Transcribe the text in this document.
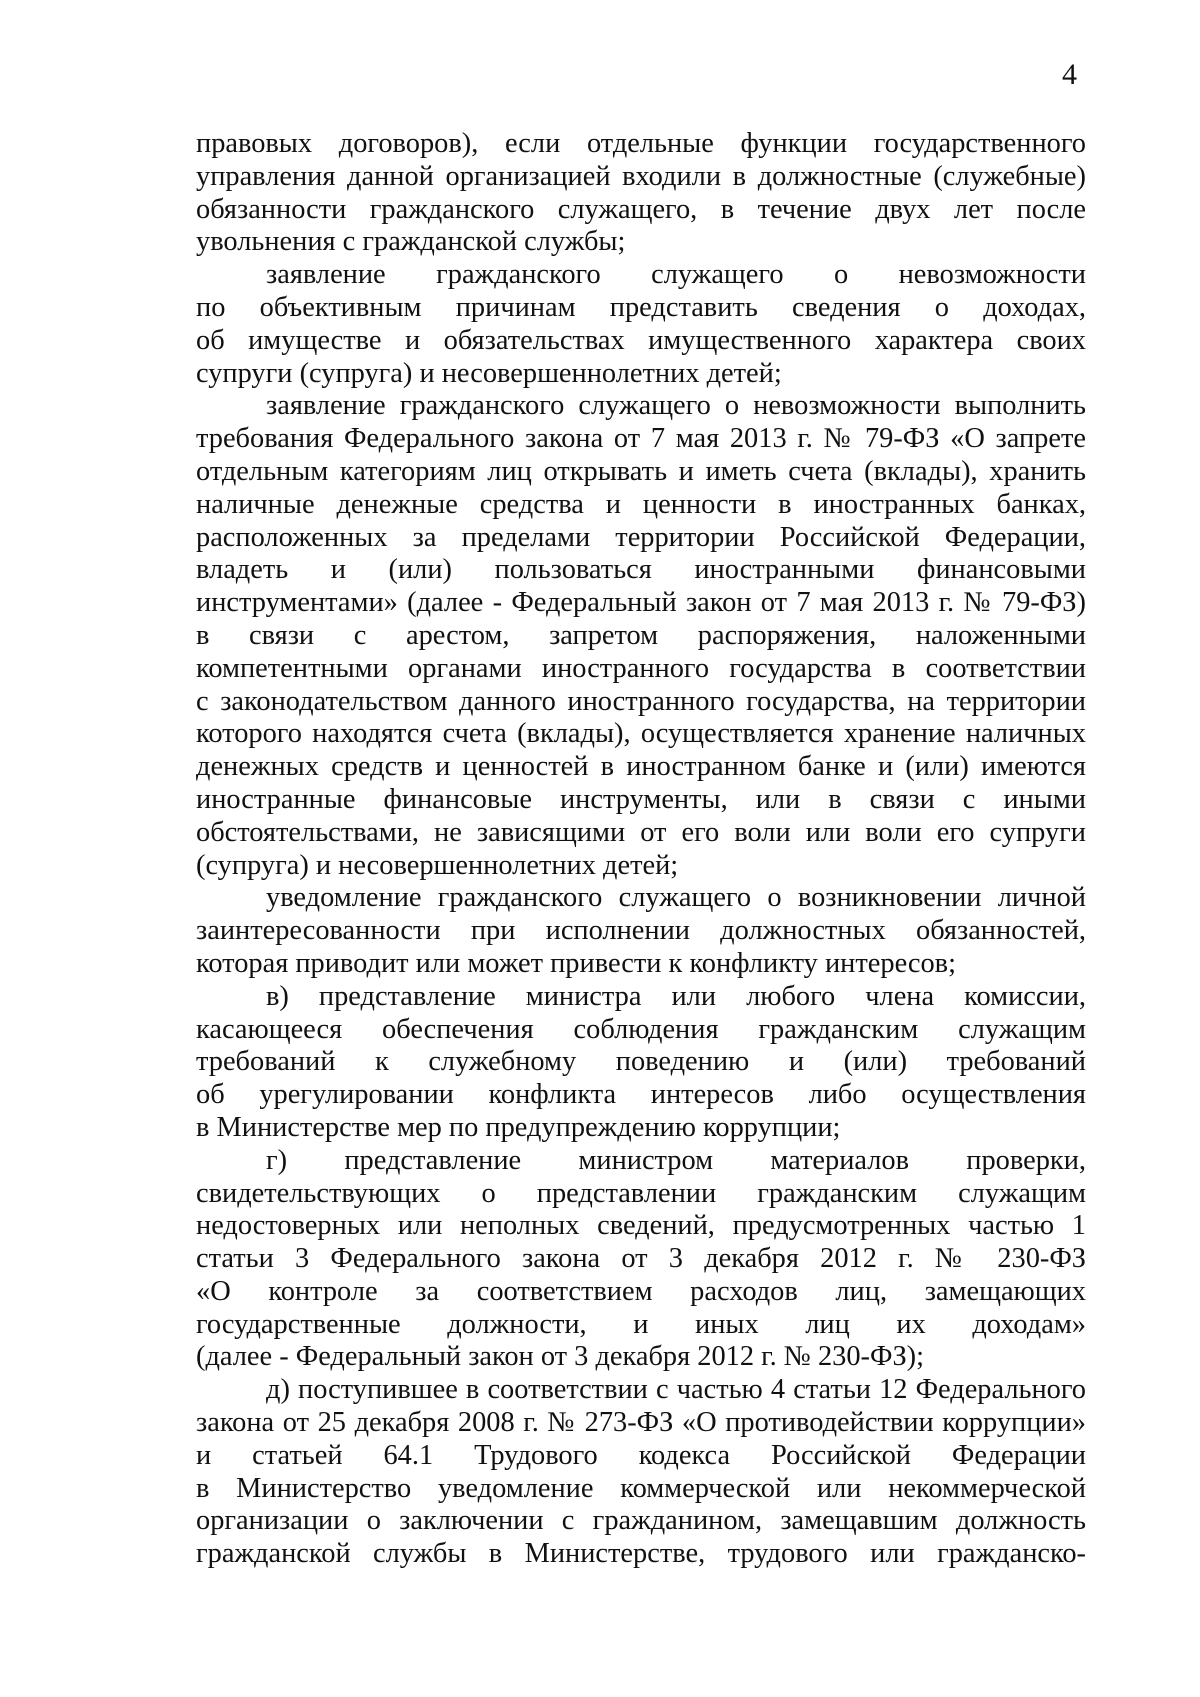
4
правовых договоров), если отдельные функции государственного
управления данной организацией входили в должностные (служебные)
обязанности гражданского служащего, в течение двух лет после
увольнения с гражданской службы;
заявление гражданского служащего о невозможности
по объективным причинам представить сведения о доходах,
об имуществе и обязательствах имущественного характера своих
супруги (супруга) и несовершеннолетних детей;
заявление гражданского служащего о невозможности выполнить
требования Федерального закона от 7 мая 2013 г. № 79-ФЗ «О запрете
отдельным категориям лиц открывать и иметь счета (вклады), хранить
наличные денежные средства и ценности в иностранных банках,
расположенных за пределами территории Российской Федерации,
владеть и (или) пользоваться иностранными финансовыми
инструментами» (далее - Федеральный закон от 7 мая 2013 г. № 79-ФЗ)
в связи с арестом, запретом распоряжения, наложенными
компетентными органами иностранного государства в соответствии
с законодательством данного иностранного государства, на территории
которого находятся счета (вклады), осуществляется хранение наличных
денежных средств и ценностей в иностранном банке и (или) имеются
иностранные финансовые инструменты, или в связи с иными
обстоятельствами, не зависящими от его воли или воли его супруги
(супруга) и несовершеннолетних детей;
уведомление гражданского служащего о возникновении личной
заинтересованности при исполнении должностных обязанностей,
которая приводит или может привести к конфликту интересов;
в) представление министра или любого члена комиссии,
касающееся обеспечения соблюдения гражданским служащим
требований к служебному поведению и (или) требований
об урегулировании конфликта интересов либо осуществления
в Министерстве мер по предупреждению коррупции;
г) представление министром материалов проверки,
свидетельствующих о представлении гражданским служащим
недостоверных или неполных сведений, предусмотренных частью 1
статьи 3 Федерального закона от 3 декабря 2012 г. № 230-ФЗ
«О контроле за соответствием расходов лиц, замещающих
государственные должности, и иных лиц их доходам»
(далее - Федеральный закон от 3 декабря 2012 г. № 230-ФЗ);
д) поступившее в соответствии с частью 4 статьи 12 Федерального
закона от 25 декабря 2008 г. № 273-ФЗ «О противодействии коррупции»
и статьей 64.1 Трудового кодекса Российской Федерации
в Министерство уведомление коммерческой или некоммерческой
организации о заключении с гражданином, замещавшим должность
гражданской службы в Министерстве, трудового или гражданско-
